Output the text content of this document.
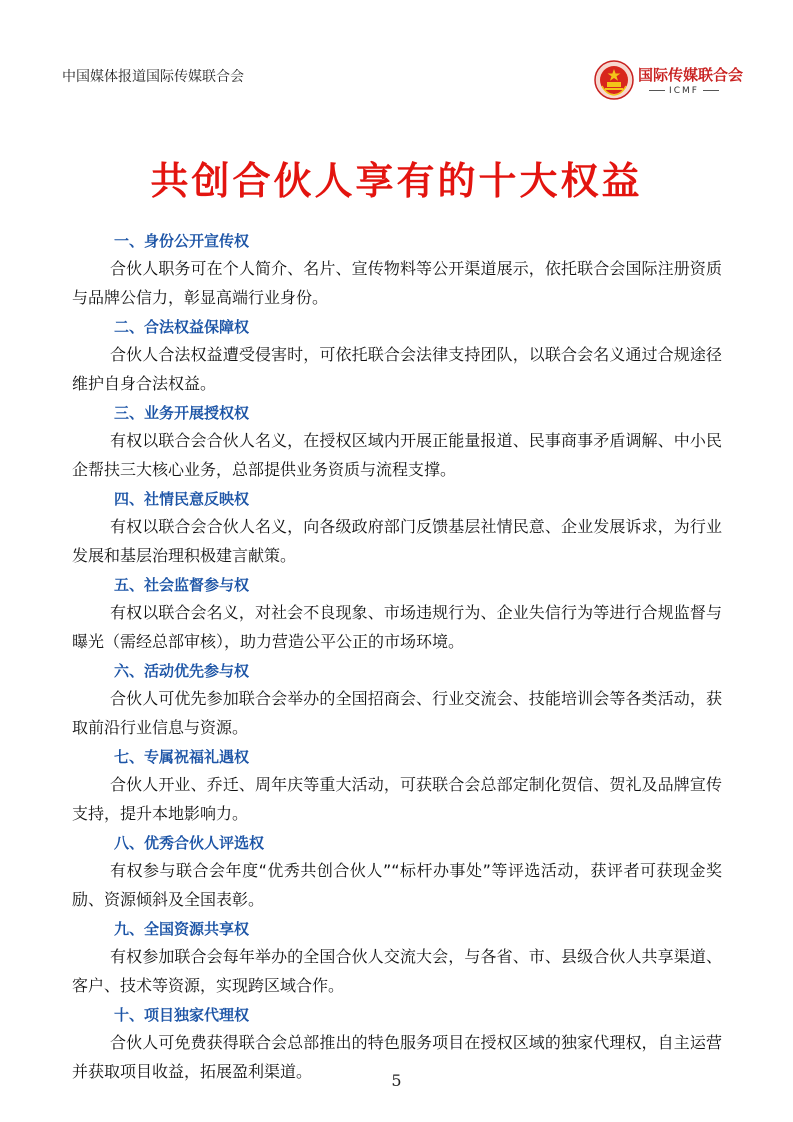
中国媒体报道国际传媒联合会	国际传媒联合会
ICMF
共创合伙人享有的十大权益
一、身份公开宣传权
合伙人职务可在个人简介、名片、宣传物料等公开渠道展示，依托联合会国际注册资质与品牌公信力，彰显高端行业身份。
二、合法权益保障权
合伙人合法权益遭受侵害时，可依托联合会法律支持团队，以联合会名义通过合规途径维护自身合法权益。
三、业务开展授权权
有权以联合会合伙人名义，在授权区域内开展正能量报道、民事商事矛盾调解、中小民企帮扶三大核心业务，总部提供业务资质与流程支撑。
四、社情民意反映权
有权以联合会合伙人名义，向各级政府部门反馈基层社情民意、企业发展诉求，为行业发展和基层治理积极建言献策。
五、社会监督参与权
有权以联合会名义，对社会不良现象、市场违规行为、企业失信行为等进行合规监督与曝光（需经总部审核），助力营造公平公正的市场环境。
六、活动优先参与权
合伙人可优先参加联合会举办的全国招商会、行业交流会、技能培训会等各类活动，获取前沿行业信息与资源。
七、专属祝福礼遇权
合伙人开业、乔迁、周年庆等重大活动，可获联合会总部定制化贺信、贺礼及品牌宣传支持，提升本地影响力。
八、优秀合伙人评选权
有权参与联合会年度“优秀共创合伙人”“标杆办事处”等评选活动，获评者可获现金奖励、资源倾斜及全国表彰。
九、全国资源共享权
有权参加联合会每年举办的全国合伙人交流大会，与各省、市、县级合伙人共享渠道、客户、技术等资源，实现跨区域合作。
十、项目独家代理权
合伙人可免费获得联合会总部推出的特色服务项目在授权区域的独家代理权，自主运营并获取项目收益，拓展盈利渠道。	5
